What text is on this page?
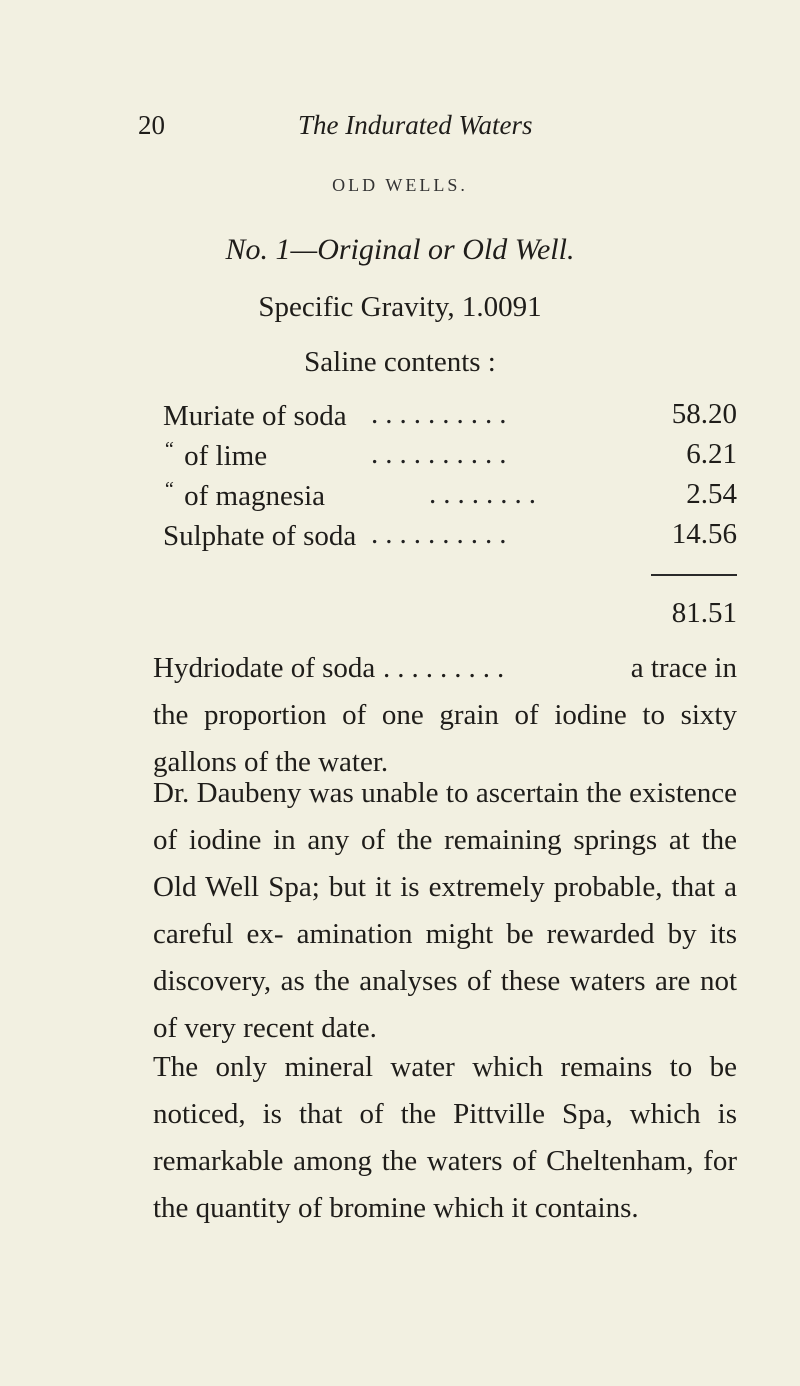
20	The Indurated Waters
OLD WELLS.
No. 1—Original or Old Well.
Specific Gravity, 1.0091
Saline contents :
Muriate of soda ..........	58.20
“ of lime	..........	6.21
“ of magnesia	........	2.54
Sulphate of soda ..........	14.56
81.51
Hydriodate of soda .........	a trace in

the proportion of one grain of iodine to sixty gallons of the water.

Dr. Daubeny was unable to ascertain the existence of iodine in any of the remaining springs at the Old Well Spa; but it is extremely probable, that a careful ex- amination might be rewarded by its discovery, as the analyses of these waters are not of very recent date.

The only mineral water which remains to be noticed, is that of the Pittville Spa, which is remarkable among the waters of Cheltenham, for the quantity of bromine which it contains.
